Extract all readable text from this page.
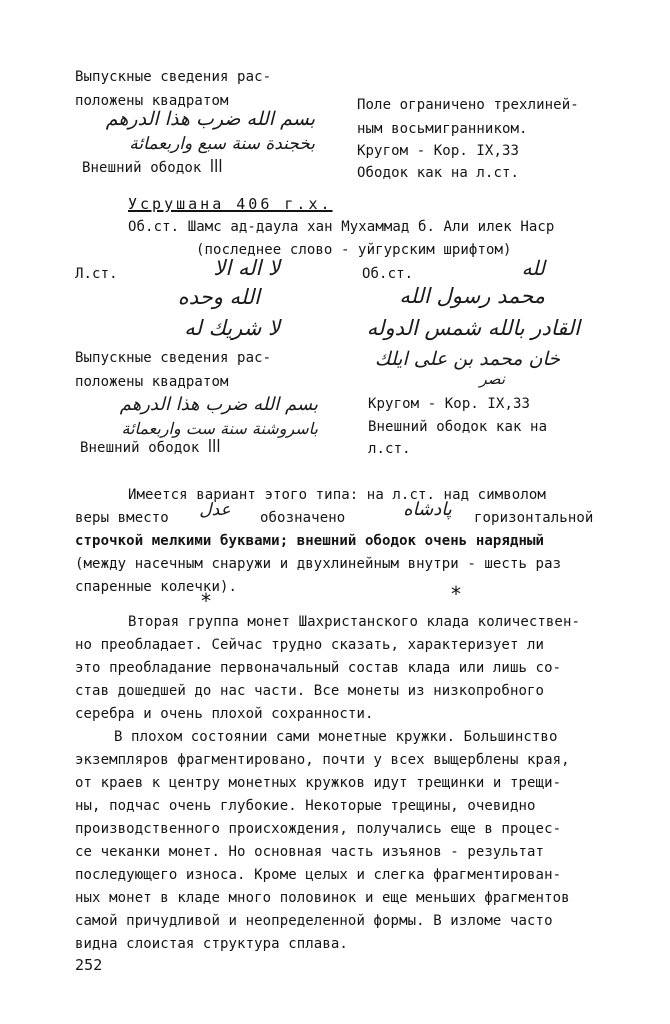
Выпускные сведения рас-
положены квадратом
بسم الله ضرب هذا الدرهم
بخجندة سنة سبع واربعمائة
Внешний ободок ꟾꟾꟾ
Поле ограничено трехлиней-
ным восьмигранником.
Кругом - Кор. IX,33
Ободок как на л.ст.
Усрушана 406 г.х.
Об.ст. Шамс ад-даула хан Мухаммад б. Али илек Наср
(последнее слово - уйгурским шрифтом)
Л.ст.	لا اله الا
الله وحده
لا شريك له
Об.ст.	لله
محمد رسول الله
القادر بالله شمس الدوله
خان محمد بن على ايلك
نصر
Выпускные сведения рас-
положены квадратом
بسم الله ضرب هذا الدرهم
باسروشنة سنة ست واربعمائة
Внешний ободок ꟾꟾꟾ
Кругом - Кор. IX,33
Внешний ободок как на
л.ст.
Имеется вариант этого типа: на л.ст. над символом
веры вместо	عدل	обозначено	پادشاه	горизонтальной
строчкой мелкими буквами; внешний ободок очень нарядный
(между насечным снаружи и двухлинейным внутри - шесть раз
спаренные колечки).
*	*
Вторая группа монет Шахристанского клада количествен-
но преобладает. Сейчас трудно сказать, характеризует ли
это преобладание первоначальный состав клада или лишь со-
став дошедшей до нас части. Все монеты из низкопробного
серебра и очень плохой сохранности.
В плохом состоянии сами монетные кружки. Большинство
экземпляров фрагментировано, почти у всех выщерблены края,
от краев к центру монетных кружков идут трещинки и трещи-
ны, подчас очень глубокие. Некоторые трещины, очевидно
производственного происхождения, получались еще в процес-
се чеканки монет. Но основная часть изъянов - результат
последующего износа. Кроме целых и слегка фрагментирован-
ных монет в кладе много половинок и еще меньших фрагментов
самой причудливой и неопределенной формы. В изломе часто
видна слоистая структура сплава.
252
